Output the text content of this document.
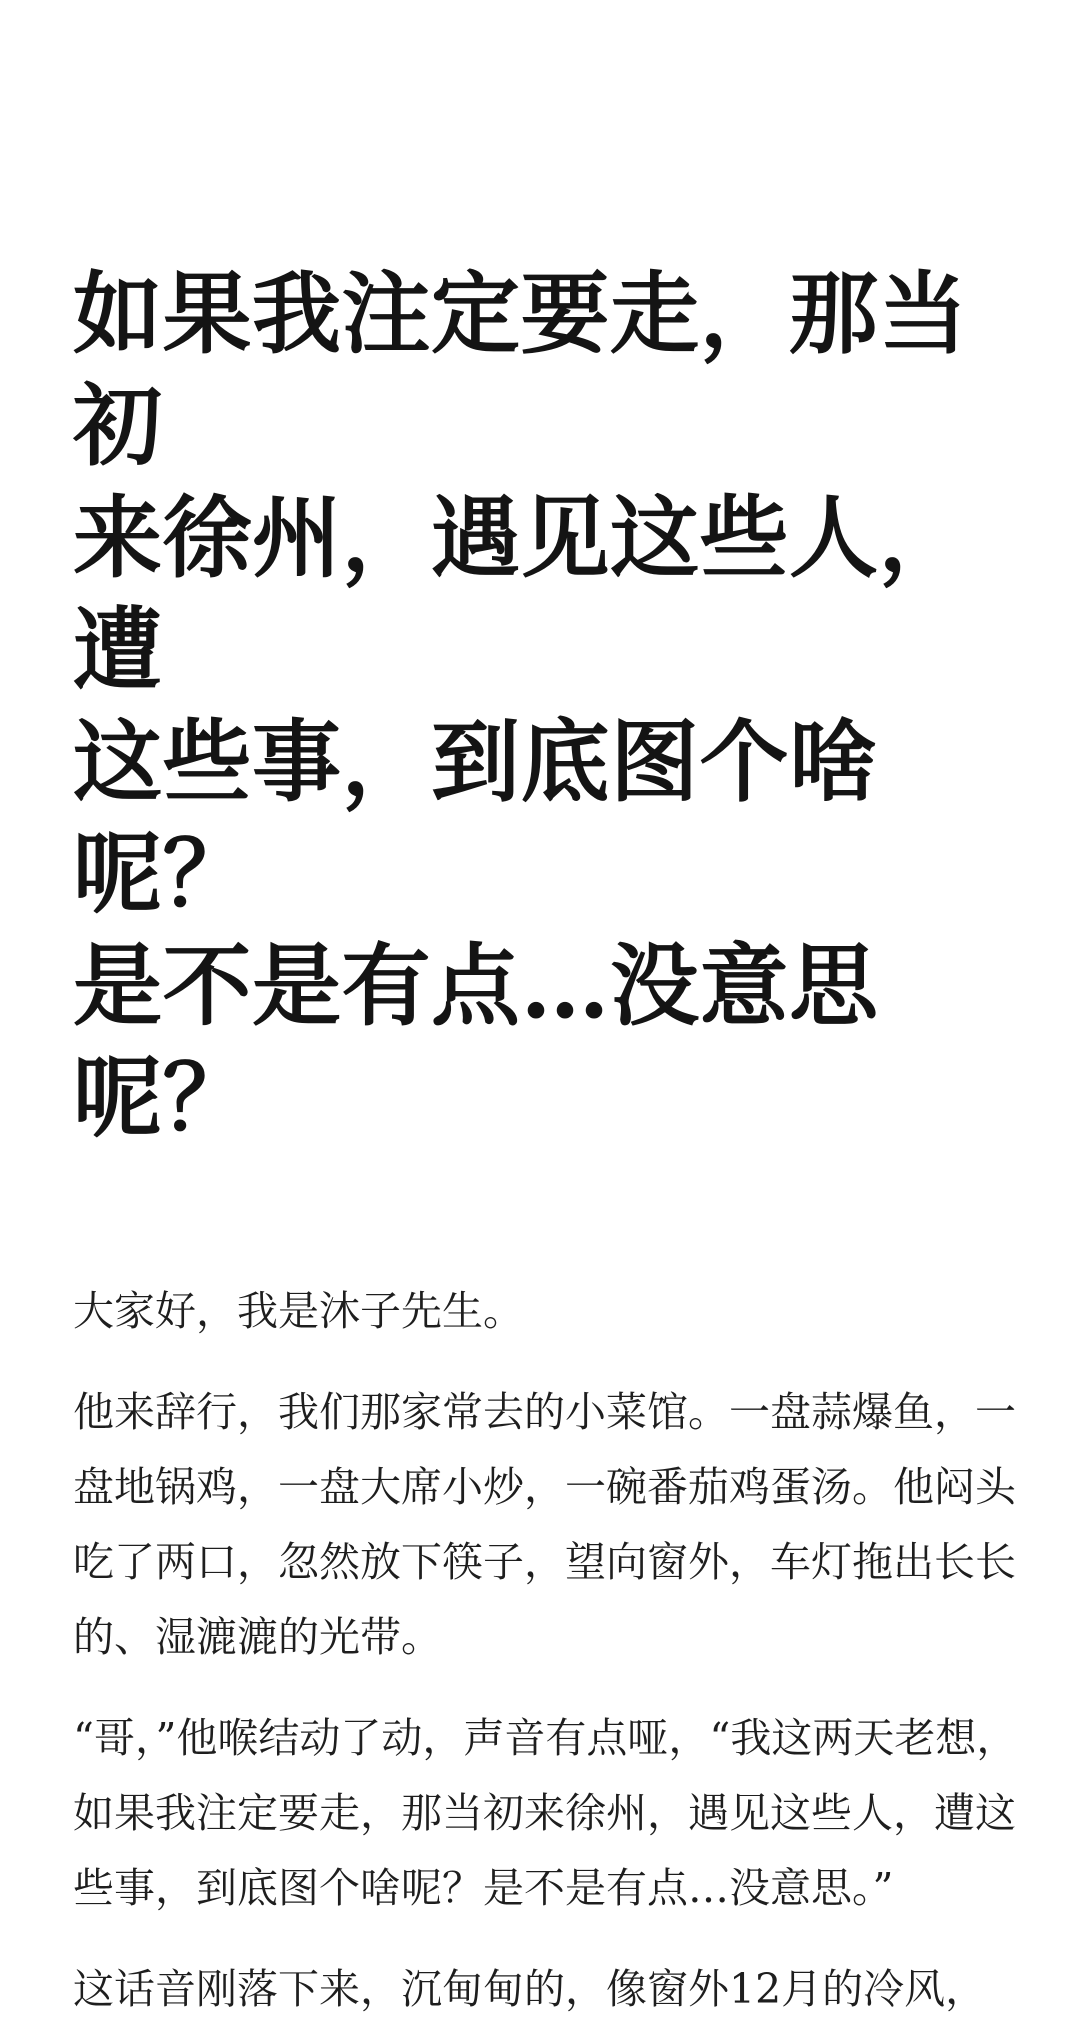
如果我注定要走，那当初
来徐州，遇见这些人，遭
这些事，到底图个啥呢？
是不是有点…没意思呢？

大家好，我是沐子先生。

他来辞行，我们那家常去的小菜馆。一盘蒜爆鱼，一盘地锅鸡，一盘大席小炒，一碗番茄鸡蛋汤。他闷头吃了两口，忽然放下筷子，望向窗外，车灯拖出长长的、湿漉漉的光带。

“哥，”他喉结动了动，声音有点哑，“我这两天老想，如果我注定要走，那当初来徐州，遇见这些人，遭这些事，到底图个啥呢？是不是有点…没意思。”

这话音刚落下来，沉甸甸的，像窗外12月的冷风，
